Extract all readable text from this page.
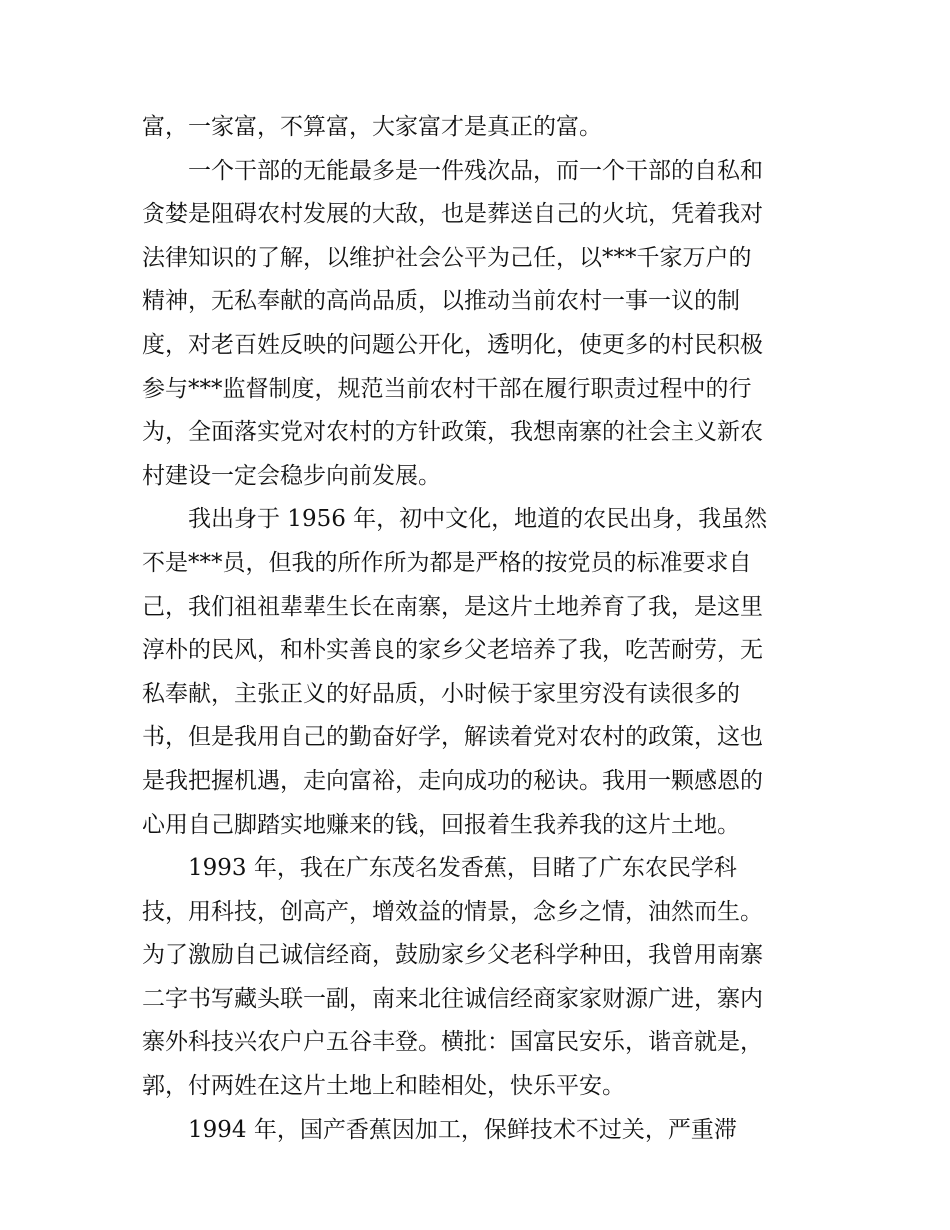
富，一家富，不算富，大家富才是真正的富。
一个干部的无能最多是一件残次品，而一个干部的自私和
贪婪是阻碍农村发展的大敌，也是葬送自己的火坑，凭着我对
法律知识的了解，以维护社会公平为己任，以***千家万户的
精神，无私奉献的高尚品质，以推动当前农村一事一议的制
度，对老百姓反映的问题公开化，透明化，使更多的村民积极
参与***监督制度，规范当前农村干部在履行职责过程中的行
为，全面落实党对农村的方针政策，我想南寨的社会主义新农
村建设一定会稳步向前发展。
我出身于 1956 年，初中文化，地道的农民出身，我虽然
不是***员，但我的所作所为都是严格的按党员的标准要求自
己，我们祖祖辈辈生长在南寨，是这片土地养育了我，是这里
淳朴的民风，和朴实善良的家乡父老培养了我，吃苦耐劳，无
私奉献，主张正义的好品质，小时候于家里穷没有读很多的
书，但是我用自己的勤奋好学，解读着党对农村的政策，这也
是我把握机遇，走向富裕，走向成功的秘诀。我用一颗感恩的
心用自己脚踏实地赚来的钱，回报着生我养我的这片土地。
1993 年，我在广东茂名发香蕉，目睹了广东农民学科
技，用科技，创高产，增效益的情景，念乡之情，油然而生。
为了激励自己诚信经商，鼓励家乡父老科学种田，我曾用南寨
二字书写藏头联一副，南来北往诚信经商家家财源广进，寨内
寨外科技兴农户户五谷丰登。横批：国富民安乐，谐音就是，
郭，付两姓在这片土地上和睦相处，快乐平安。
1994 年，国产香蕉因加工，保鲜技术不过关，严重滞
